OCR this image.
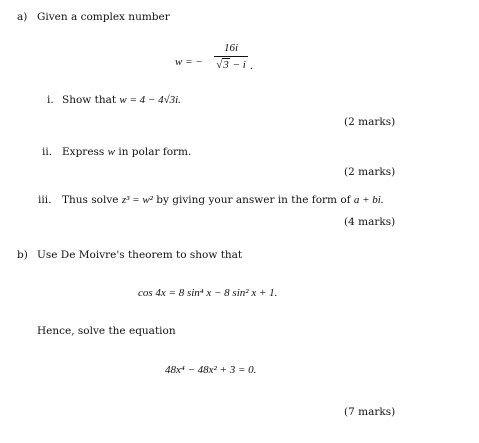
a) Given a complex number
w = −
16i
√3 − i .
i. Show that w = 4 − 4√3i.
(2 marks)
ii. Express w in polar form.
(2 marks)
iii. Thus solve z³ = w² by giving your answer in the form of a + bi.
(4 marks)
b) Use De Moivre's theorem to show that
cos 4x = 8 sin⁴ x − 8 sin² x + 1.
Hence, solve the equation
48x⁴ − 48x² + 3 = 0.
(7 marks)
